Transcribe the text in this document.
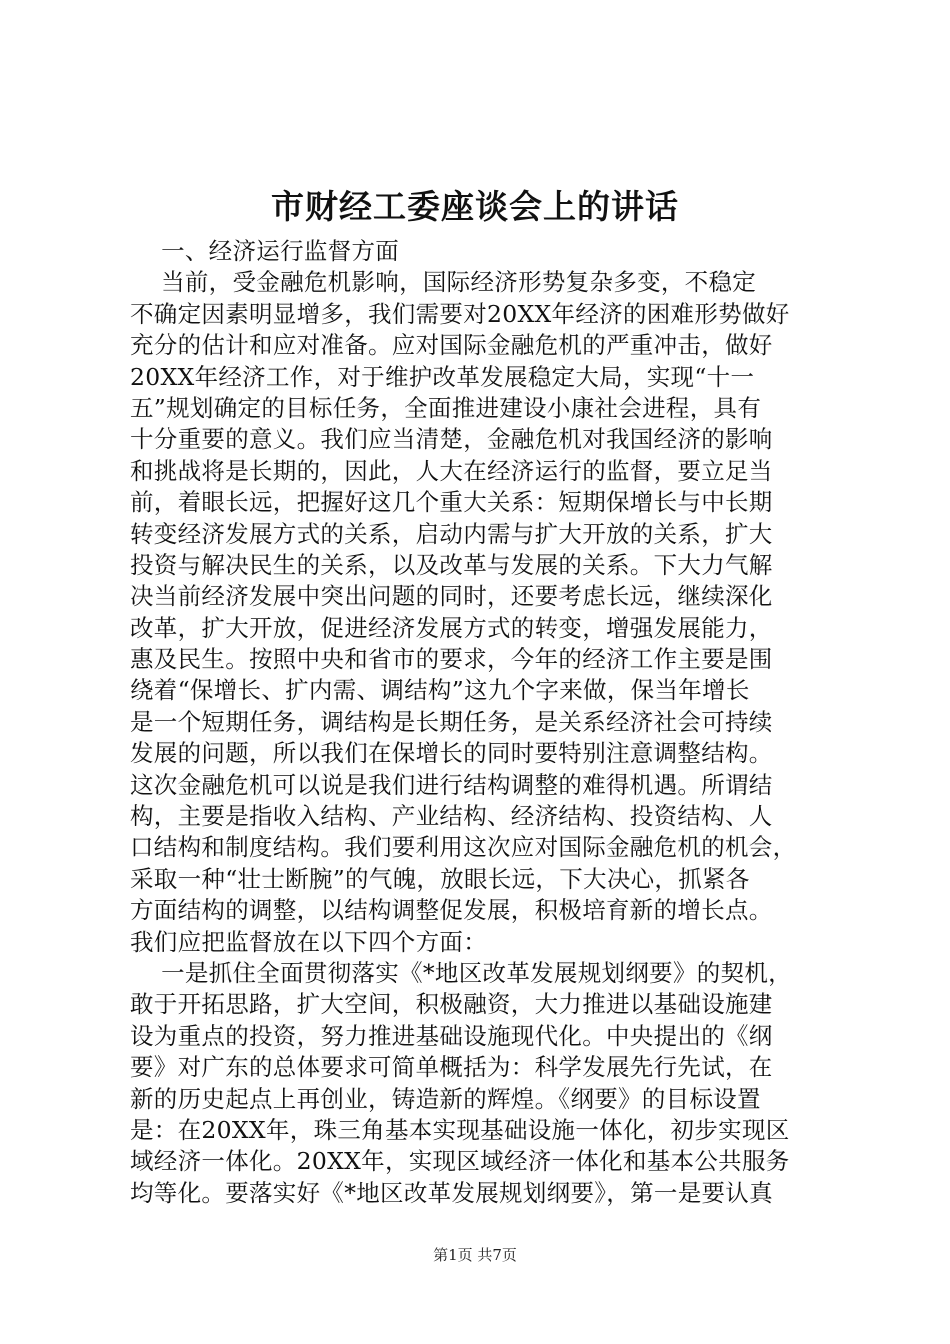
市财经工委座谈会上的讲话
一、经济运行监督方面
当前，受金融危机影响，国际经济形势复杂多变，不稳定
不确定因素明显增多，我们需要对20XX年经济的困难形势做好
充分的估计和应对准备。应对国际金融危机的严重冲击，做好
20XX年经济工作，对于维护改革发展稳定大局，实现“十一
五”规划确定的目标任务，全面推进建设小康社会进程，具有
十分重要的意义。我们应当清楚，金融危机对我国经济的影响
和挑战将是长期的，因此，人大在经济运行的监督，要立足当
前，着眼长远，把握好这几个重大关系：短期保增长与中长期
转变经济发展方式的关系，启动内需与扩大开放的关系，扩大
投资与解决民生的关系，以及改革与发展的关系。下大力气解
决当前经济发展中突出问题的同时，还要考虑长远，继续深化
改革，扩大开放，促进经济发展方式的转变，增强发展能力，
惠及民生。按照中央和省市的要求，今年的经济工作主要是围
绕着“保增长、扩内需、调结构”这九个字来做，保当年增长
是一个短期任务，调结构是长期任务，是关系经济社会可持续
发展的问题，所以我们在保增长的同时要特别注意调整结构。
这次金融危机可以说是我们进行结构调整的难得机遇。所谓结
构，主要是指收入结构、产业结构、经济结构、投资结构、人
口结构和制度结构。我们要利用这次应对国际金融危机的机会，
采取一种“壮士断腕”的气魄，放眼长远，下大决心，抓紧各
方面结构的调整，以结构调整促发展，积极培育新的增长点。
我们应把监督放在以下四个方面：
一是抓住全面贯彻落实《*地区改革发展规划纲要》的契机，
敢于开拓思路，扩大空间，积极融资，大力推进以基础设施建
设为重点的投资，努力推进基础设施现代化。中央提出的《纲
要》对广东的总体要求可简单概括为：科学发展先行先试，在
新的历史起点上再创业，铸造新的辉煌。《纲要》的目标设置
是：在20XX年，珠三角基本实现基础设施一体化，初步实现区
域经济一体化。20XX年，实现区域经济一体化和基本公共服务
均等化。要落实好《*地区改革发展规划纲要》，第一是要认真
第1页 共7页
